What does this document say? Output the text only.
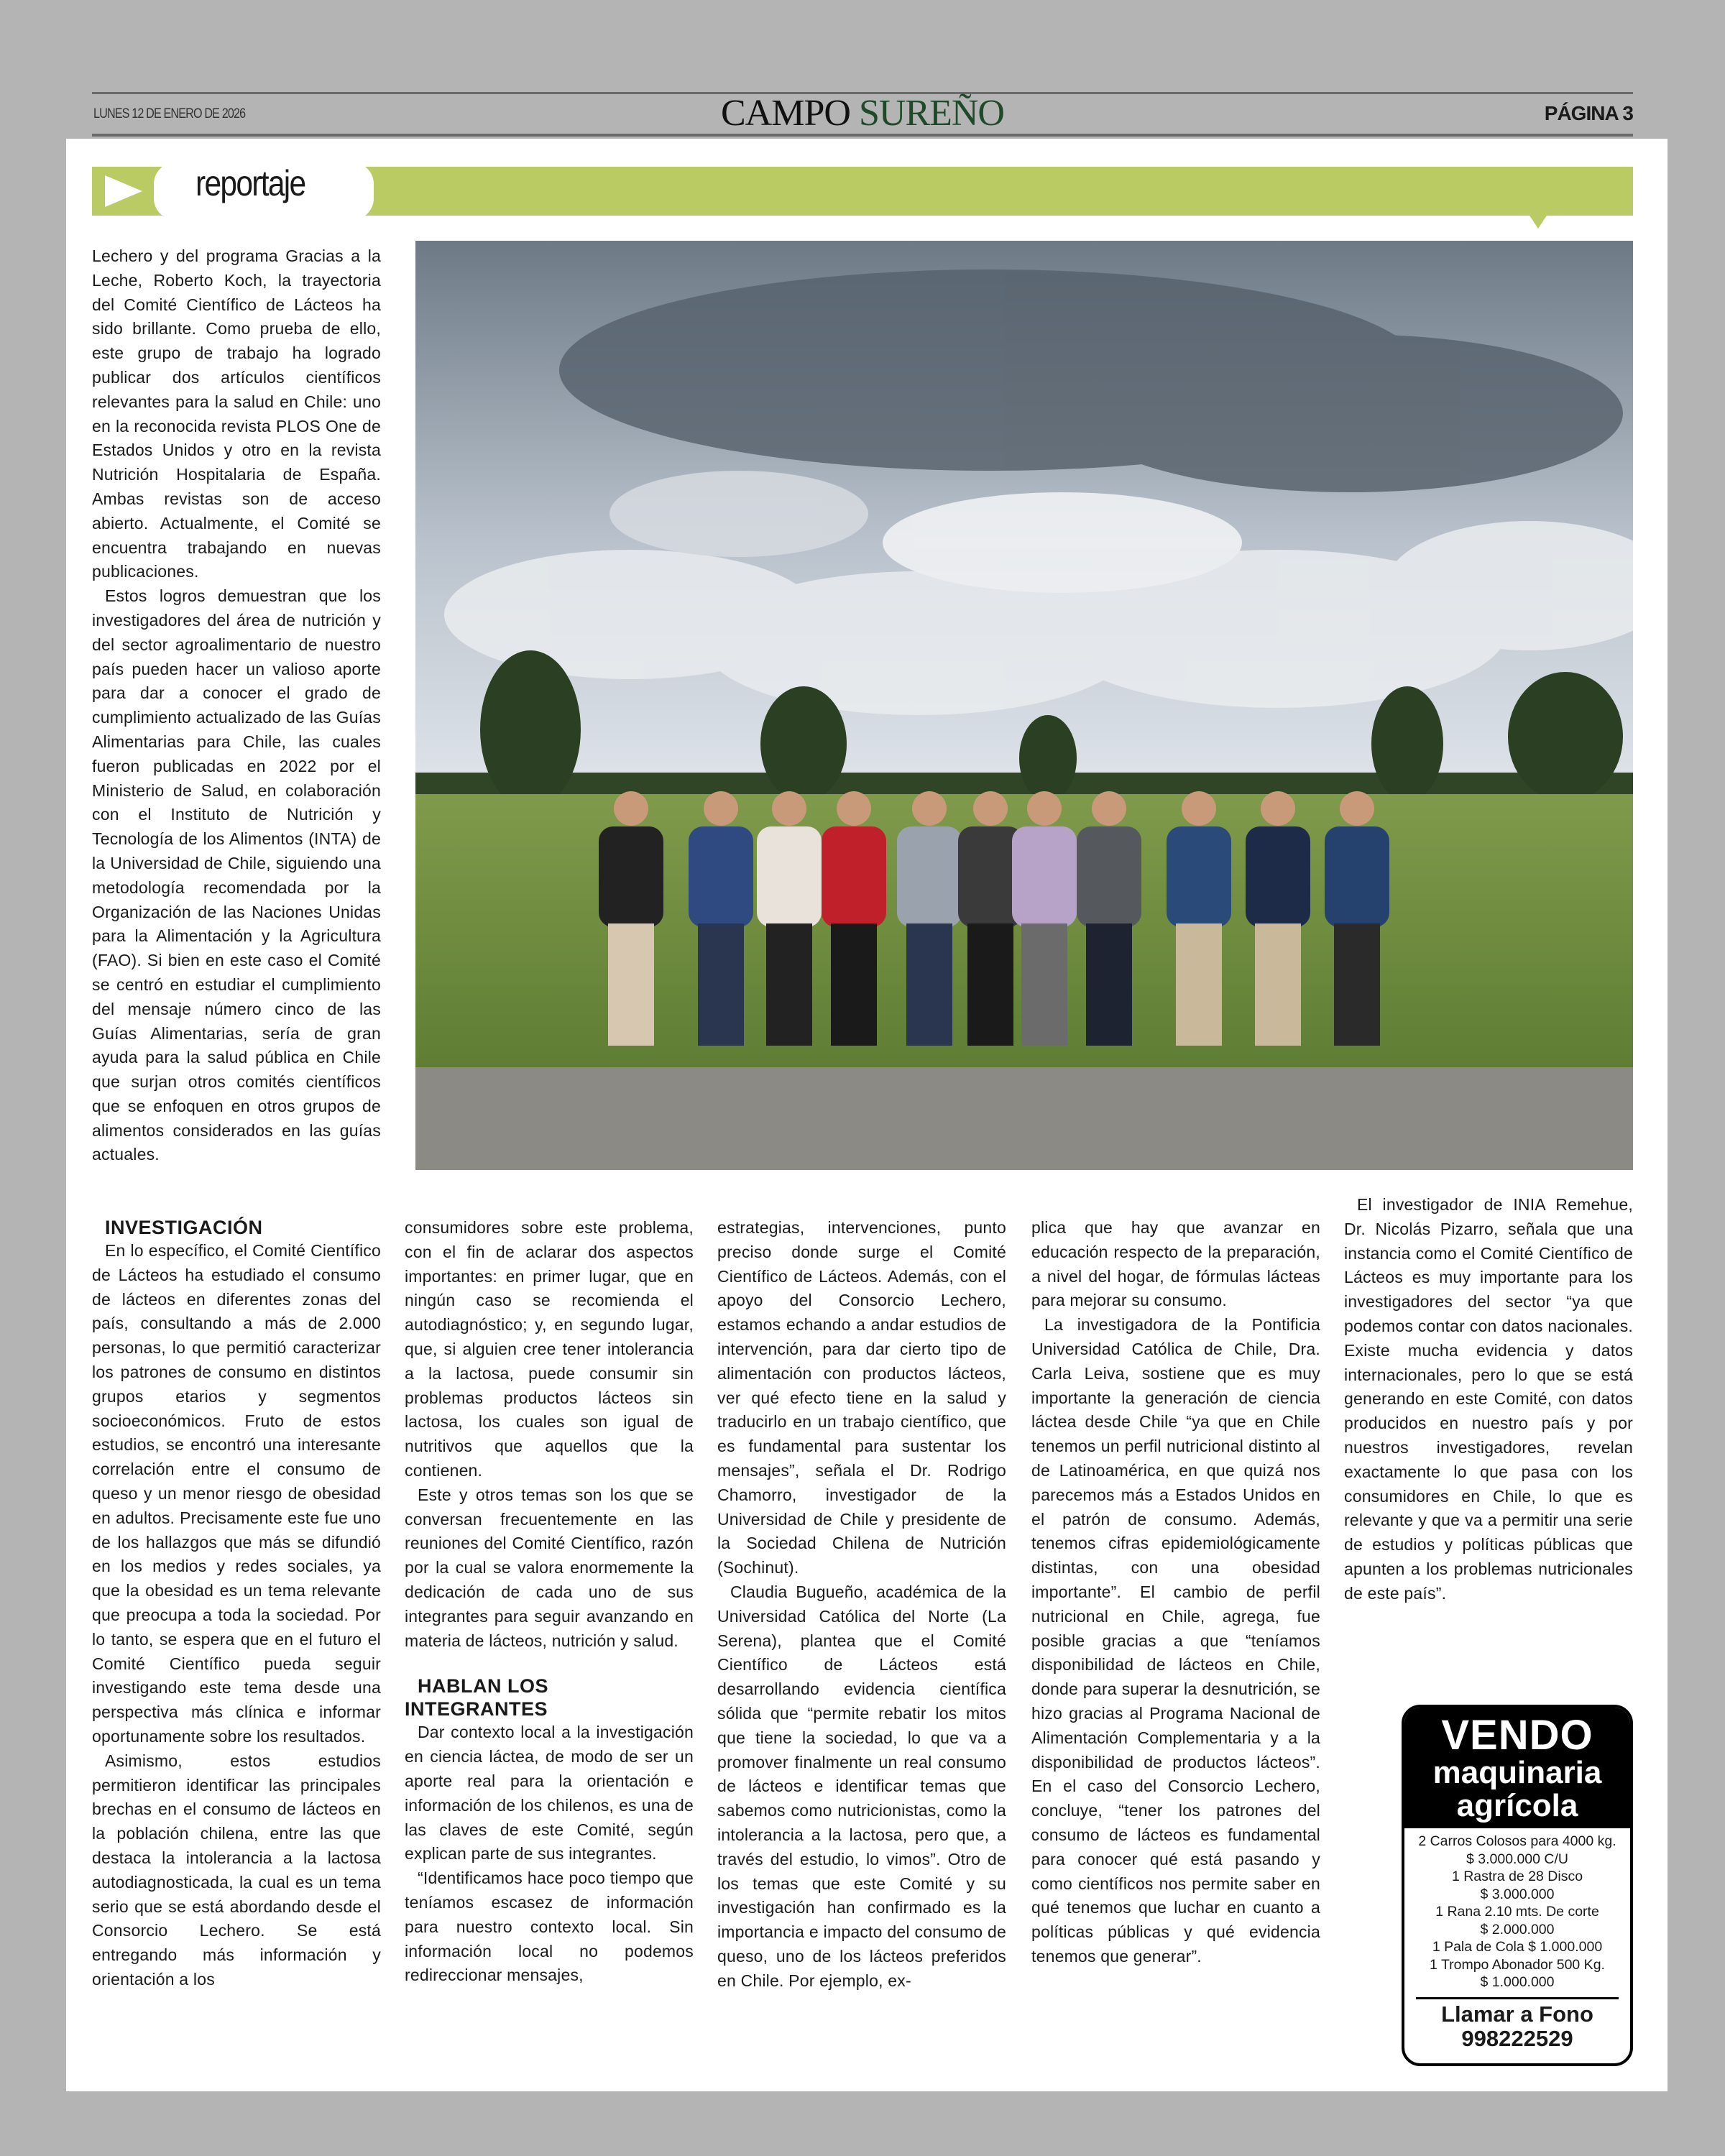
LUNES 12 DE ENERO DE 2026	CAMPO SUREÑO	PÁGINA 3
reportaje

Lechero y del programa Gracias a la Leche, Roberto Koch, la trayectoria del Comité Científico de Lácteos ha sido brillante. Como prueba de ello, este grupo de trabajo ha logrado publicar dos artículos científicos relevantes para la salud en Chile: uno en la reconocida revista PLOS One de Estados Unidos y otro en la revista Nutrición Hospitalaria de España. Ambas revistas son de acceso abierto. Actualmente, el Comité se encuentra trabajando en nuevas publicaciones.

Estos logros demuestran que los investigadores del área de nutrición y del sector agroalimentario de nuestro país pueden hacer un valioso aporte para dar a conocer el grado de cumplimiento actualizado de las Guías Alimentarias para Chile, las cuales fueron publicadas en 2022 por el Ministerio de Salud, en colaboración con el Instituto de Nutrición y Tecnología de los Alimentos (INTA) de la Universidad de Chile, siguiendo una metodología recomendada por la Organización de las Naciones Unidas para la Alimentación y la Agricultura (FAO). Si bien en este caso el Comité se centró en estudiar el cumplimiento del mensaje número cinco de las Guías Alimentarias, sería de gran ayuda para la salud pública en Chile que surjan otros comités científicos que se enfoquen en otros grupos de alimentos considerados en las guías actuales.

INVESTIGACIÓN

En lo específico, el Comité Científico de Lácteos ha estudiado el consumo de lácteos en diferentes zonas del país, consultando a más de 2.000 personas, lo que permitió caracterizar los patrones de consumo en distintos grupos etarios y segmentos socioeconómicos. Fruto de estos estudios, se encontró una interesante correlación entre el consumo de queso y un menor riesgo de obesidad en adultos. Precisamente este fue uno de los hallazgos que más se difundió en los medios y redes sociales, ya que la obesidad es un tema relevante que preocupa a toda la sociedad. Por lo tanto, se espera que en el futuro el Comité Científico pueda seguir investigando este tema desde una perspectiva más clínica e informar oportunamente sobre los resultados.

Asimismo, estos estudios permitieron identificar las principales brechas en el consumo de lácteos en la población chilena, entre las que destaca la intolerancia a la lactosa autodiagnosticada, la cual es un tema serio que se está abordando desde el Consorcio Lechero. Se está entregando más información y orientación a los

consumidores sobre este problema, con el fin de aclarar dos aspectos importantes: en primer lugar, que en ningún caso se recomienda el autodiagnóstico; y, en segundo lugar, que, si alguien cree tener intolerancia a la lactosa, puede consumir sin problemas productos lácteos sin lactosa, los cuales son igual de nutritivos que aquellos que la contienen.

Este y otros temas son los que se conversan frecuentemente en las reuniones del Comité Científico, razón por la cual se valora enormemente la dedicación de cada uno de sus integrantes para seguir avanzando en materia de lácteos, nutrición y salud.

HABLAN LOS
INTEGRANTES

Dar contexto local a la investigación en ciencia láctea, de modo de ser un aporte real para la orientación e información de los chilenos, es una de las claves de este Comité, según explican parte de sus integrantes.

“Identificamos hace poco tiempo que teníamos escasez de información para nuestro contexto local. Sin información local no podemos redireccionar mensajes,

estrategias, intervenciones, punto preciso donde surge el Comité Científico de Lácteos. Además, con el apoyo del Consorcio Lechero, estamos echando a andar estudios de intervención, para dar cierto tipo de alimentación con productos lácteos, ver qué efecto tiene en la salud y traducirlo en un trabajo científico, que es fundamental para sustentar los mensajes”, señala el Dr. Rodrigo Chamorro, investigador de la Universidad de Chile y presidente de la Sociedad Chilena de Nutrición (Sochinut).

Claudia Bugueño, académica de la Universidad Católica del Norte (La Serena), plantea que el Comité Científico de Lácteos está desarrollando evidencia científica sólida que “permite rebatir los mitos que tiene la sociedad, lo que va a promover finalmente un real consumo de lácteos e identificar temas que sabemos como nutricionistas, como la intolerancia a la lactosa, pero que, a través del estudio, lo vimos”. Otro de los temas que este Comité y su investigación han confirmado es la importancia e impacto del consumo de queso, uno de los lácteos preferidos en Chile. Por ejemplo, ex-

plica que hay que avanzar en educación respecto de la preparación, a nivel del hogar, de fórmulas lácteas para mejorar su consumo.

La investigadora de la Pontificia Universidad Católica de Chile, Dra. Carla Leiva, sostiene que es muy importante la generación de ciencia láctea desde Chile “ya que en Chile tenemos un perfil nutricional distinto al de Latinoamérica, en que quizá nos parecemos más a Estados Unidos en el patrón de consumo. Además, tenemos cifras epidemiológicamente distintas, con una obesidad importante”. El cambio de perfil nutricional en Chile, agrega, fue posible gracias a que “teníamos disponibilidad de lácteos en Chile, donde para superar la desnutrición, se hizo gracias al Programa Nacional de Alimentación Complementaria y a la disponibilidad de productos lácteos”. En el caso del Consorcio Lechero, concluye, “tener los patrones del consumo de lácteos es fundamental para conocer qué está pasando y como científicos nos permite saber en qué tenemos que luchar en cuanto a políticas públicas y qué evidencia tenemos que generar”.

El investigador de INIA Remehue, Dr. Nicolás Pizarro, señala que una instancia como el Comité Científico de Lácteos es muy importante para los investigadores del sector “ya que podemos contar con datos nacionales. Existe mucha evidencia y datos internacionales, pero lo que se está generando en este Comité, con datos producidos en nuestro país y por nuestros investigadores, revelan exactamente lo que pasa con los consumidores en Chile, lo que es relevante y que va a permitir una serie de estudios y políticas públicas que apunten a los problemas nutricionales de este país”.

VENDO
maquinaria
agrícola
2 Carros Colosos para 4000 kg.
$ 3.000.000 C/U
1 Rastra de 28 Disco
$ 3.000.000
1 Rana 2.10 mts. De corte
$ 2.000.000
1 Pala de Cola $ 1.000.000
1 Trompo Abonador 500 Kg.
$ 1.000.000
Llamar a Fono
998222529
